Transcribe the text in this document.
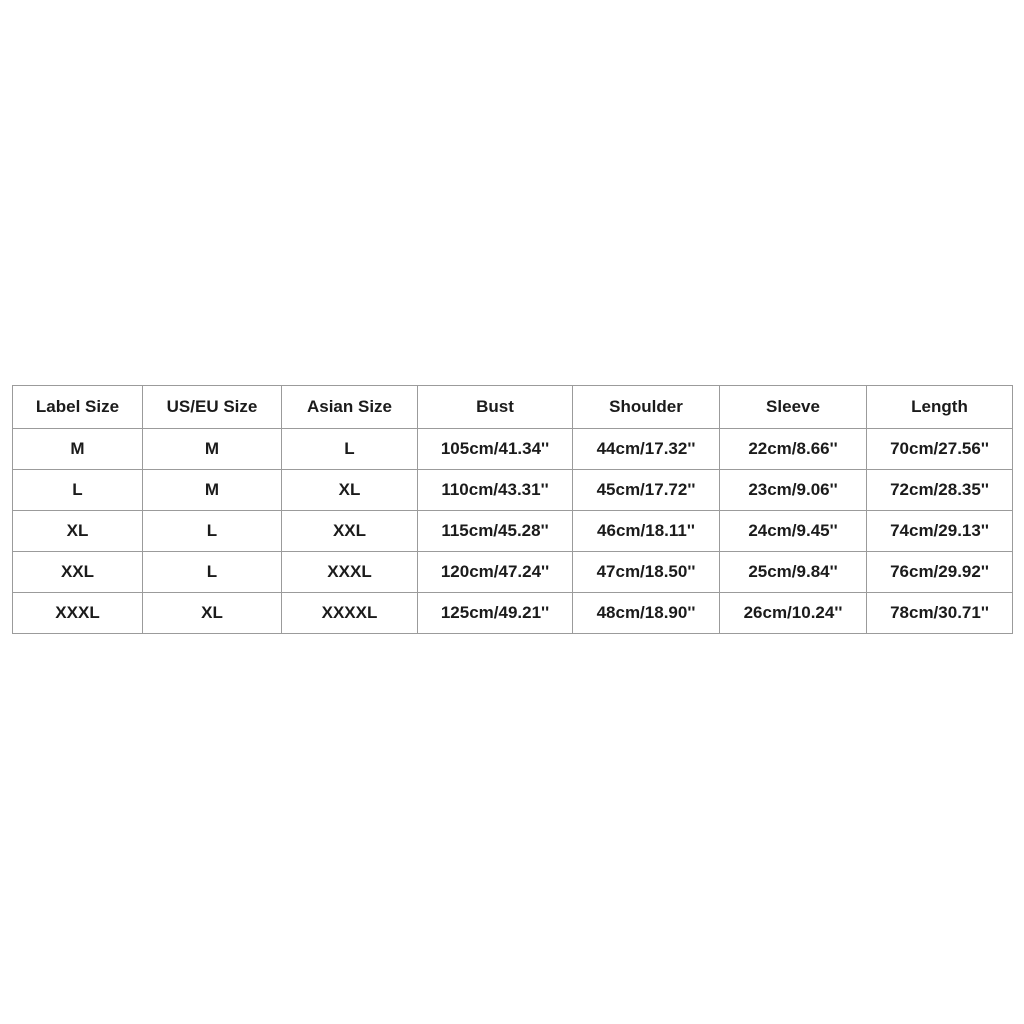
Label Size	US/EU Size	Asian Size	Bust	Shoulder	Sleeve	Length
M	M	L	105cm/41.34''	44cm/17.32''	22cm/8.66''	70cm/27.56''
L	M	XL	110cm/43.31''	45cm/17.72''	23cm/9.06''	72cm/28.35''
XL	L	XXL	115cm/45.28''	46cm/18.11''	24cm/9.45''	74cm/29.13''
XXL	L	XXXL	120cm/47.24''	47cm/18.50''	25cm/9.84''	76cm/29.92''
XXXL	XL	XXXXL	125cm/49.21''	48cm/18.90''	26cm/10.24''	78cm/30.71''
